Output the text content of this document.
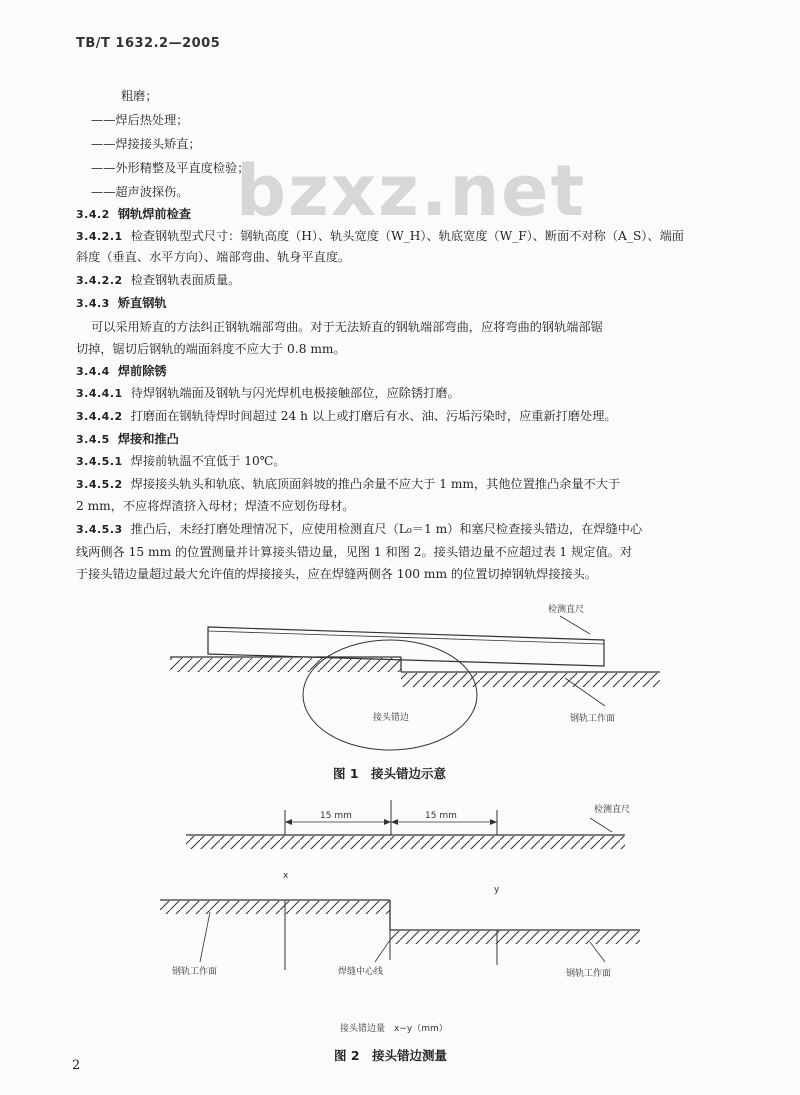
TB/T 1632.2—2005
bzxz.net
粗磨；
——焊后热处理；
——焊接接头矫直；
——外形精整及平直度检验；
——超声波探伤。
3.4.2 钢轨焊前检查
3.4.2.1 检查钢轨型式尺寸：钢轨高度（H）、轨头宽度（W_H）、轨底宽度（W_F）、断面不对称（A_S）、端面
斜度（垂直、水平方向）、端部弯曲、轨身平直度。
3.4.2.2 检查钢轨表面质量。
3.4.3 矫直钢轨
可以采用矫直的方法纠正钢轨端部弯曲。对于无法矫直的钢轨端部弯曲，应将弯曲的钢轨端部锯
切掉，锯切后钢轨的端面斜度不应大于 0.8 mm。
3.4.4 焊前除锈
3.4.4.1 待焊钢轨端面及钢轨与闪光焊机电极接触部位，应除锈打磨。
3.4.4.2 打磨面在钢轨待焊时间超过 24 h 以上或打磨后有水、油、污垢污染时，应重新打磨处理。
3.4.5 焊接和推凸
3.4.5.1 焊接前轨温不宜低于 10℃。
3.4.5.2 焊接接头轨头和轨底、轨底顶面斜坡的推凸余量不应大于 1 mm，其他位置推凸余量不大于
2 mm，不应将焊渣挤入母材；焊渣不应划伤母材。
3.4.5.3 推凸后，未经打磨处理情况下，应使用检测直尺（L₀＝1 m）和塞尺检查接头错边，在焊缝中心
线两侧各 15 mm 的位置测量并计算接头错边量，见图 1 和图 2。接头错边量不应超过表 1 规定值。对
于接头错边量超过最大允许值的焊接接头，应在焊缝两侧各 100 mm 的位置切掉钢轨焊接接头。
检测直尺
接头错边	钢轨工作面
15 mm	15 mm
检测直尺
x
y
钢轨工作面	焊缝中心线	钢轨工作面
接头错边量　x−y（mm）
图 1　接头错边示意
图 2　接头错边测量
2
